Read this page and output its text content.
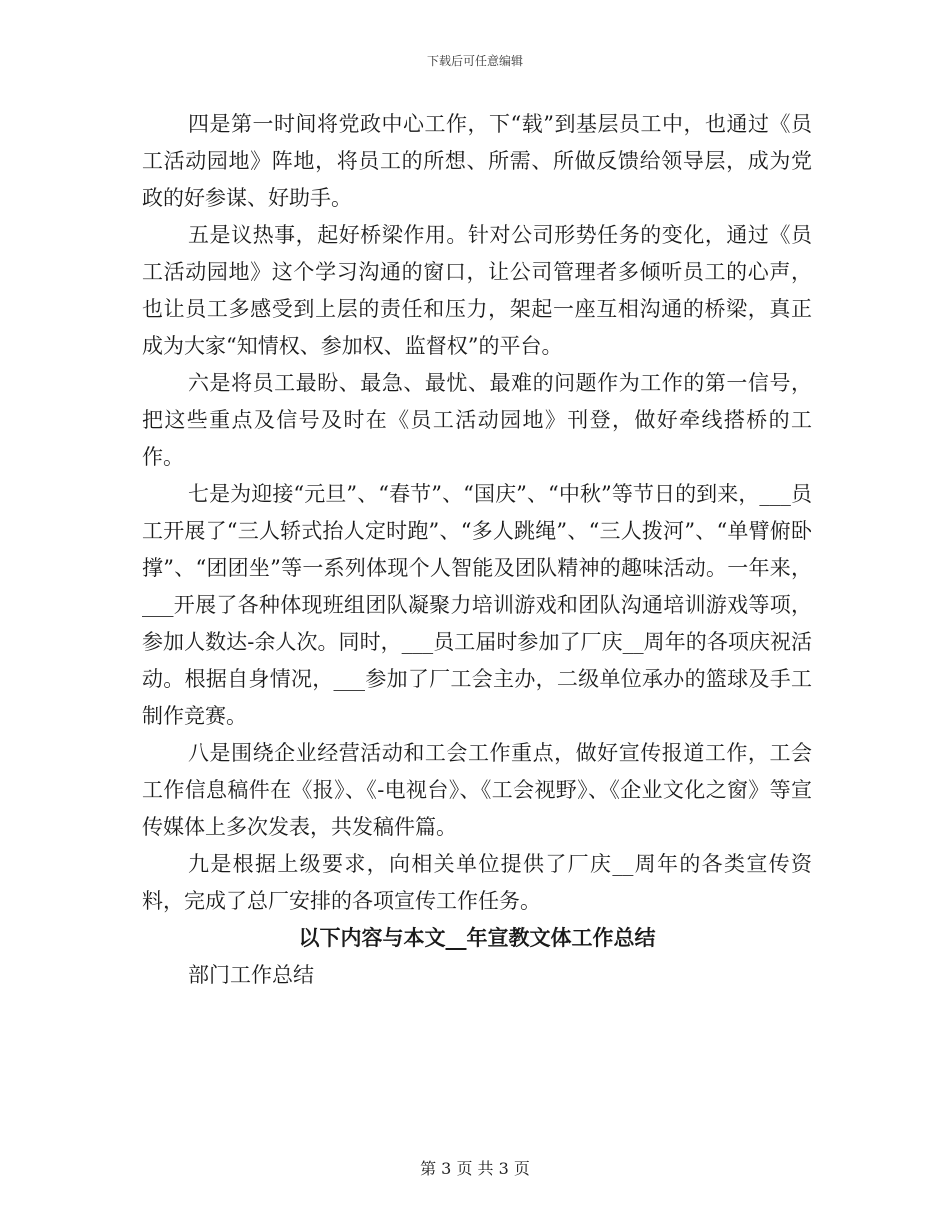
下载后可任意编辑

四是第一时间将党政中心工作，下“载”到基层员工中，也通过《员工活动园地》阵地，将员工的所想、所需、所做反馈给领导层，成为党政的好参谋、好助手。

五是议热事，起好桥梁作用。针对公司形势任务的变化，通过《员工活动园地》这个学习沟通的窗口，让公司管理者多倾听员工的心声，也让员工多感受到上层的责任和压力，架起一座互相沟通的桥梁，真正成为大家“知情权、参加权、监督权”的平台。

六是将员工最盼、最急、最忧、最难的问题作为工作的第一信号，把这些重点及信号及时在《员工活动园地》刊登，做好牵线搭桥的工作。

七是为迎接“元旦”、“春节”、“国庆”、“中秋”等节日的到来，___员工开展了“三人轿式抬人定时跑”、“多人跳绳”、“三人拨河”、“单臂俯卧撑”、“团团坐”等一系列体现个人智能及团队精神的趣味活动。一年来，___开展了各种体现班组团队凝聚力培训游戏和团队沟通培训游戏等项，参加人数达-余人次。同时，___员工届时参加了厂庆__周年的各项庆祝活动。根据自身情况，___参加了厂工会主办，二级单位承办的篮球及手工制作竞赛。

八是围绕企业经营活动和工会工作重点，做好宣传报道工作，工会工作信息稿件在《报》、《-电视台》、《工会视野》、《企业文化之窗》等宣传媒体上多次发表，共发稿件篇。

九是根据上级要求，向相关单位提供了厂庆__周年的各类宣传资料，完成了总厂安排的各项宣传工作任务。

以下内容与本文__年宣教文体工作总结

部门工作总结

第 3 页 共 3 页
